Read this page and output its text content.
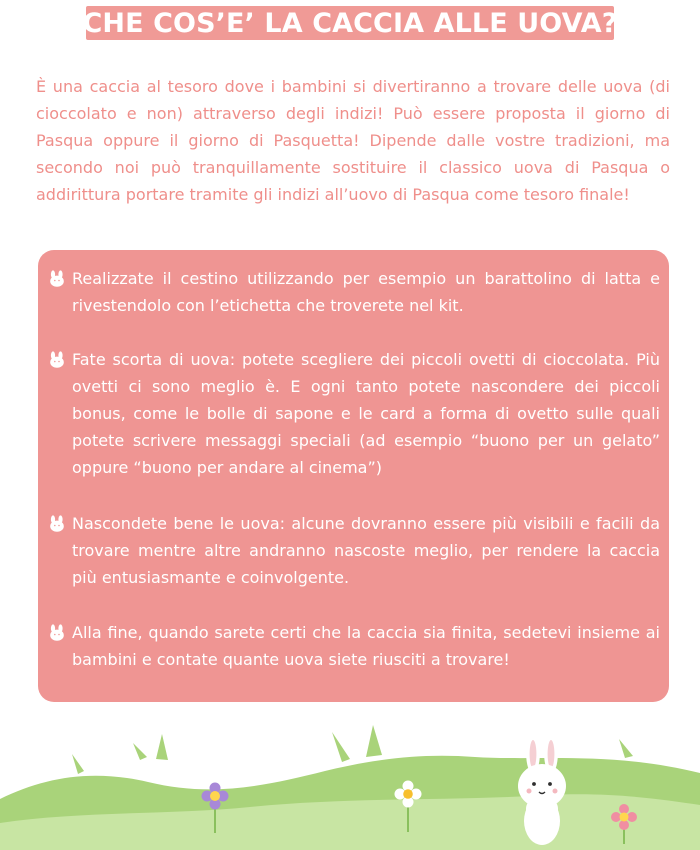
CHE COS’E’ LA CACCIA ALLE UOVA?

È una caccia al tesoro dove i bambini si divertiranno a trovare delle uova (di cioccolato e non) attraverso degli indizi! Può essere proposta il giorno di Pasqua oppure il giorno di Pasquetta! Dipende dalle vostre tradizioni, ma secondo noi può tranquillamente sostituire il classico uova di Pasqua o addirittura portare tramite gli indizi all’uovo di Pasqua come tesoro finale!

Realizzate il cestino utilizzando per esempio un barattolino di latta e rivestendolo con l’etichetta che troverete nel kit.

Fate scorta di uova: potete scegliere dei piccoli ovetti di cioccolata. Più ovetti ci sono meglio è. E ogni tanto potete nascondere dei piccoli bonus, come le bolle di sapone e le card a forma di ovetto sulle quali potete scrivere messaggi speciali (ad esempio “buono per un gelato” oppure “buono per andare al cinema”)

Nascondete bene le uova: alcune dovranno essere più visibili e facili da trovare mentre altre andranno nascoste meglio, per rendere la caccia più entusiasmante e coinvolgente.

Alla fine, quando sarete certi che la caccia sia finita, sedetevi insieme ai bambini e contate quante uova siete riusciti a trovare!
